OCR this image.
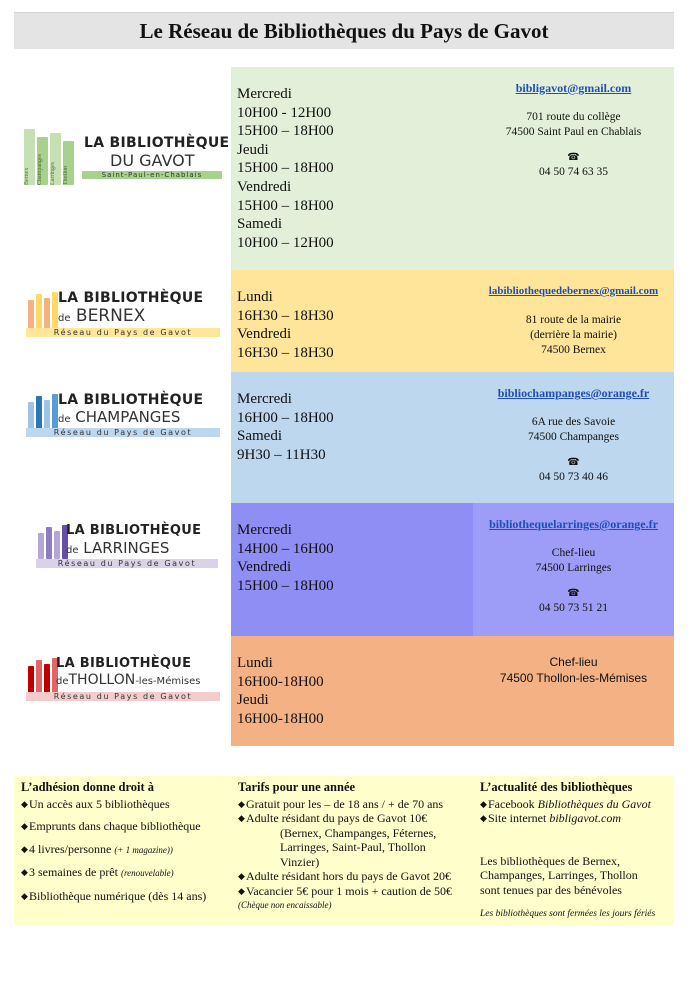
Le Réseau de Bibliothèques du Pays de Gavot
Bernex	Champanges	Larringes	Thollon
LA BIBLIOTHÈQUE
DU GAVOT
Saint-Paul-en-Chablais
Mercredi
10H00 - 12H00
15H00 – 18H00
Jeudi
15H00 – 18H00
Vendredi
15H00 – 18H00
Samedi
10H00 – 12H00
bibligavot@gmail.com
701 route du collège
74500 Saint Paul en Chablais
☎
04 50 74 63 35
LA BIBLIOTHÈQUE
de BERNEX
Réseau du Pays de Gavot
Lundi
16H30 – 18H30
Vendredi
16H30 – 18H30
labibliothequedebernex@gmail.com
81 route de la mairie
(derrière la mairie)
74500 Bernex
LA BIBLIOTHÈQUE
de CHAMPANGES
Réseau du Pays de Gavot
Mercredi
16H00 – 18H00
Samedi
9H30 – 11H30
bibliochampanges@orange.fr
6A rue des Savoie
74500 Champanges
☎
04 50 73 40 46
LA BIBLIOTHÈQUE
de LARRINGES
Réseau du Pays de Gavot
Mercredi
14H00 – 16H00
Vendredi
15H00 – 18H00
bibliothequelarringes@orange.fr
Chef-lieu
74500 Larringes
☎
04 50 73 51 21
LA BIBLIOTHÈQUE
deTHOLLON-les-Mémises
Réseau du Pays de Gavot
Lundi
16H00-18H00
Jeudi
16H00-18H00
Chef-lieu
74500 Thollon-les-Mémises
L’adhésion donne droit à
◆ Un accès aux 5 bibliothèques
◆ Emprunts dans chaque bibliothèque
◆ 4 livres/personne (+ 1 magazine))
◆ 3 semaines de prêt (renouvelable)
◆ Bibliothèque numérique (dès 14 ans)
Tarifs pour une année
◆ Gratuit pour les – de 18 ans / + de 70 ans
◆ Adulte résidant du pays de Gavot 10€
(Bernex, Champanges, Féternes,
Larringes, Saint-Paul, Thollon
Vinzier)
◆ Adulte résidant hors du pays de Gavot 20€
◆ Vacancier 5€ pour 1 mois + caution de 50€
(Chèque non encaissable)
L’actualité des bibliothèques
◆ Facebook Bibliothèques du Gavot
◆ Site internet bibligavot.com
Les bibliothèques de Bernex,
Champanges, Larringes, Thollon
sont tenues par des bénévoles
Les bibliothèques sont fermées les jours fériés
